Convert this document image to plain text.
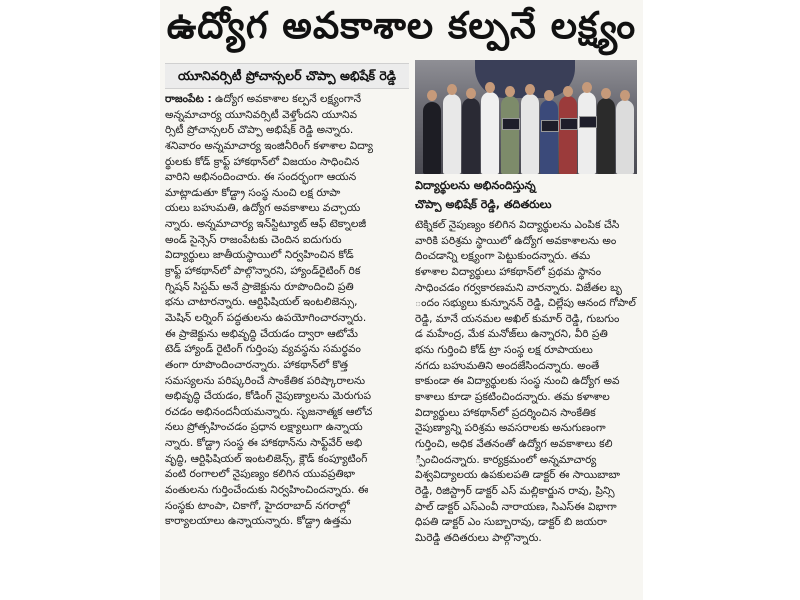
ఉద్యోగ అవకాశాల కల్పనే లక్ష్యం
యూనివర్సిటీ ప్రోచాన్సలర్ చొప్పా అభిషేక్ రెడ్డి

రాజంపేట : ఉద్యోగ అవకాశాల కల్పనే లక్ష్యంగానే

అన్నమాచార్య యూనివర్సిటీ వెళ్తోందని యూనివ

ర్సిటీ ప్రోచాన్సలర్ చొప్పా అభిషేక్ రెడ్డి అన్నారు.

శనివారం అన్నమాచార్య ఇంజినీరింగ్ కళాశాల విద్యా

ర్థులకు కోడ్ క్రాఫ్ట్ హాకథాన్‌లో విజయం సాధించిన

వారిని అభినందించారు. ఈ సందర్భంగా ఆయన

మాట్లాడుతూ కోడ్ట్రా సంస్థ నుంచి లక్ష రూపా

యలు బహుమతి, ఉద్యోగ అవకాశాలు వచ్చాయ

న్నారు. అన్నమాచార్య ఇన్‌స్టిట్యూట్ ఆఫ్ టెక్నాలజీ

అండ్ సైన్సెస్ రాజంపేటకు చెందిన ఐదుగురు

విద్యార్థులు జాతీయస్థాయిలో నిర్వహించిన కోడ్

క్రాఫ్ట్ హాకథాన్‌లో పాల్గొన్నారని, హ్యాండ్‌రైటింగ్ రిక

గ్నిషన్ సిస్టమ్ అనే ప్రాజెక్టును రూపొందించి ప్రతి

భను చాటారన్నారు. ఆర్టిఫిషియల్ ఇంటలిజెన్సు,

మెషిన్ లర్నింగ్ పద్ధతులను ఉపయోగించారన్నారు.

ఈ ప్రాజెక్టును అభివృద్ధి చేయడం ద్వారా ఆటోమే

టెడ్ హ్యాండ్ రైటింగ్ గుర్తింపు వ్యవస్థను సమర్థవం

తంగా రూపొందించారన్నారు. హాకథాన్‌లో కొత్త

సమస్యలను పరిష్కరించే సాంకేతిక పరిష్కారాలను

అభివృద్ధి చేయడం, కోడింగ్ నైపుణ్యాలను మెరుగుప

రచడం అభినందనీయమన్నారు. సృజనాత్మక ఆలోచ

నలు ప్రోత్సహించడం ప్రధాన లక్ష్యాలుగా ఉన్నాయ

న్నారు. కోడ్ట్రా సంస్థ ఈ హాకథాన్‌ను సాఫ్ట్‌వేర్ అభి

వృద్ధి, ఆర్టిఫిషియల్ ఇంటలిజెన్స్, క్లౌడ్ కంప్యూటింగ్

వంటి రంగాలలో నైపుణ్యం కలిగిన యువప్రతిభా

వంతులను గుర్తించేందుకు నిర్వహించిందన్నారు. ఈ

సంస్థకు టాంపా, చికాగో, హైదరాబాద్ నగరాల్లో

కార్యాలయాలు ఉన్నాయన్నారు. కోడ్ట్రా ఉత్తమ

విద్యార్థులను అభినందిస్తున్న
చొప్పా అభిషేక్ రెడ్డి, తదితరులు

టెక్నికల్ నైపుణ్యం కలిగిన విద్యార్థులను ఎంపిక చేసి

వారికి పరిశ్రమ స్థాయిలో ఉద్యోగ అవకాశాలను అం

దించడాన్ని లక్ష్యంగా పెట్టుకుందన్నారు. తమ

కళాశాల విద్యార్థులు హాకథాన్‌లో ప్రథమ స్థానం

సాధించడం గర్వకారణమని వారన్నారు. విజేతల బృ

ందం సభ్యులు కున్నూనన్ రెడ్డి, చిల్లేపు ఆనంద గోపాల్

రెడ్డి, మానే యనమల అఖిల్ కుమార్ రెడ్డి, గుబగుం

డ మహేంద్ర, మేక మనోజ్‌లు ఉన్నారని, వీరి ప్రతి

భను గుర్తించి కోడ్ ట్రా సంస్థ లక్ష రూపాయలు

నగదు బహుమతిని అందజేసిందన్నారు. అంతే

కాకుండా ఈ విద్యార్థులకు సంస్థ నుంచి ఉద్యోగ అవ

కాశాలు కూడా ప్రకటించిందన్నారు. తమ కళాశాల

విద్యార్థులు హాకథాన్‌లో ప్రదర్శించిన సాంకేతిక

నైపుణ్యాన్ని పరిశ్రమ అవసరాలకు అనుగుణంగా

గుర్తించి, అధిక వేతనంతో ఉద్యోగ అవకాశాలు కలి

్పించిందన్నారు. కార్యక్రమంలో అన్నమాచార్య

విశ్వవిద్యాలయ ఉపకులపతి డాక్టర్ ఈ సాయిబాబా

రెడ్డి, రిజిస్ట్రార్ డాక్టర్ ఎస్ మల్లికార్జున రావు, ప్రిన్సి

పాల్ డాక్టర్ ఎస్ఎంవీ నారాయణ, సిఎస్ఈ విభాగా

ధిపతి డాక్టర్ ఎం సుబ్బారావు, డాక్టర్ బి జయరా

మిరెడ్డి తదితరులు పాల్గొన్నారు.
